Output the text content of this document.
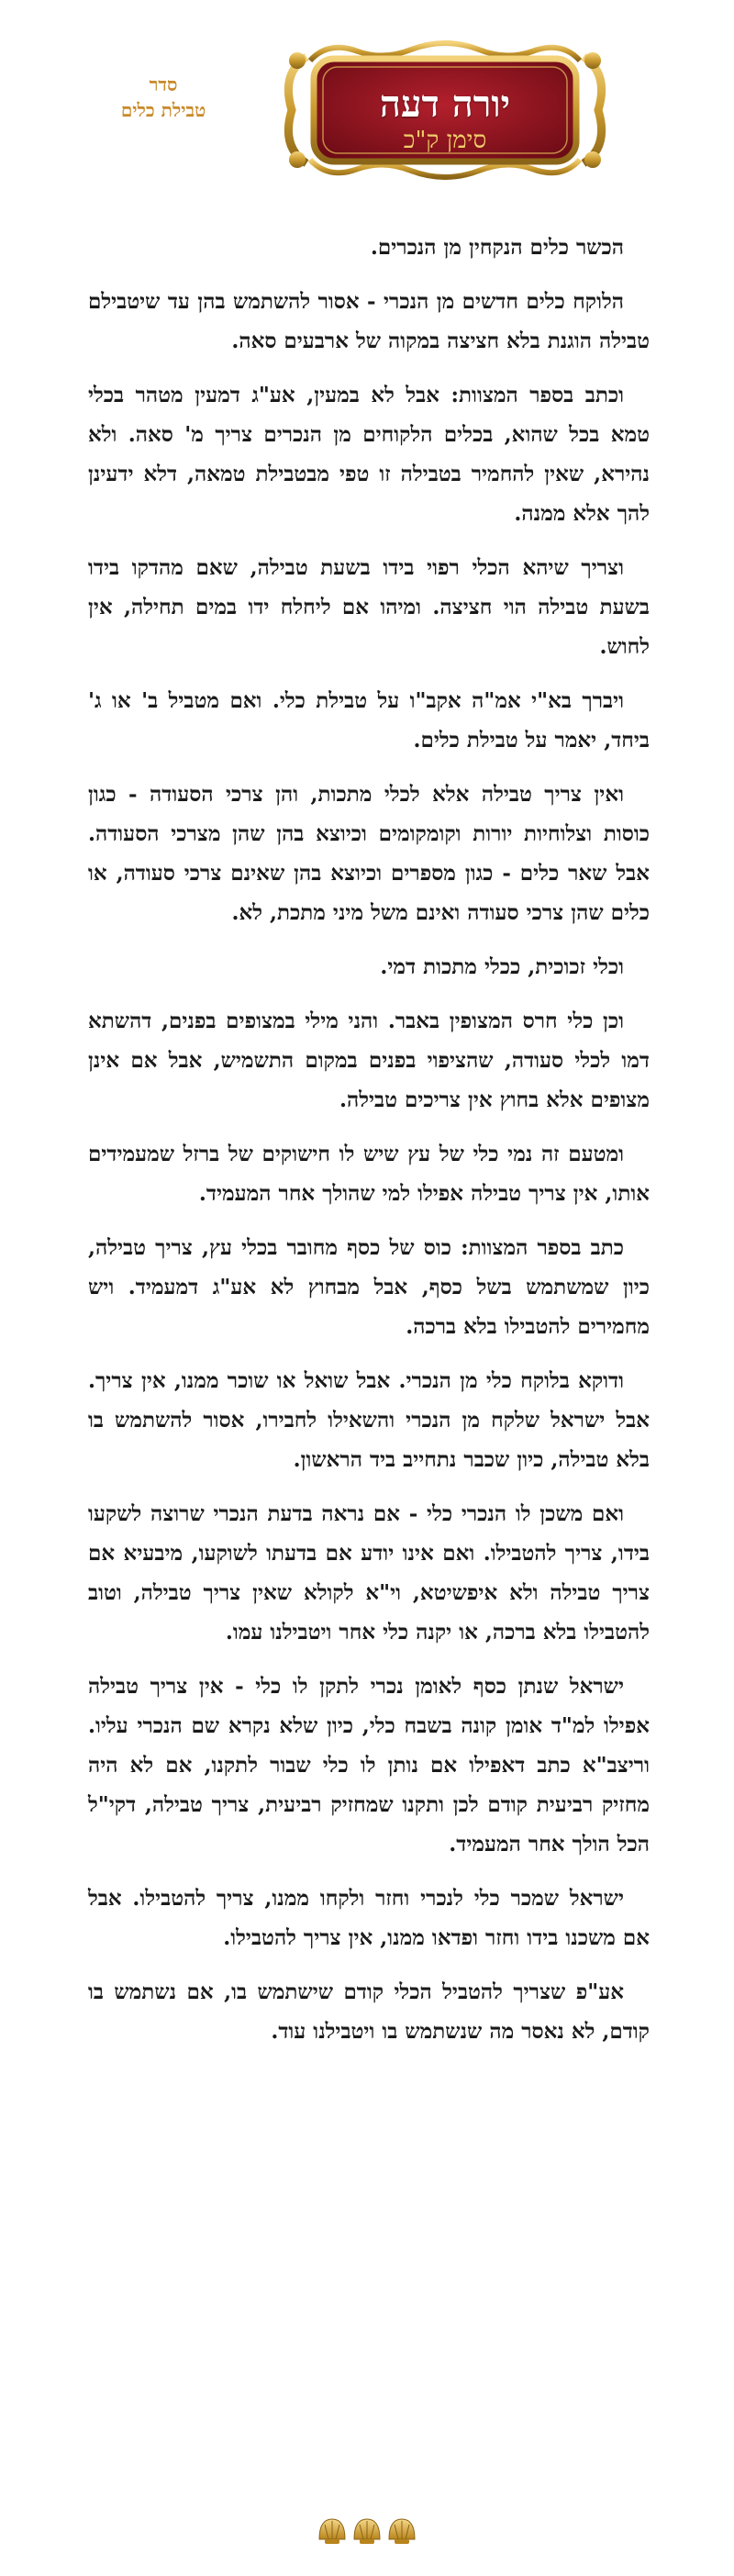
סדר
טבילת כלים	יורה דעה
סימן ק"כ

הכשר כלים הנקחין מן הנכרים.

הלוקח כלים חדשים מן הנכרי - אסור להשתמש בהן עד שיטבילם טבילה הוגנת בלא חציצה במקוה של ארבעים סאה.

וכתב בספר המצוות: אבל לא במעין, אע"ג דמעין מטהר בכלי טמא בכל שהוא, בכלים הלקוחים מן הנכרים צריך מ' סאה. ולא נהירא, שאין להחמיר בטבילה זו טפי מבטבילת טמאה, דלא ידעינן להך אלא ממנה.

וצריך שיהא הכלי רפוי בידו בשעת טבילה, שאם מהדקו בידו בשעת טבילה הוי חציצה. ומיהו אם ליחלח ידו במים תחילה, אין לחוש.

ויברך בא"י אמ"ה אקב"ו על טבילת כלי. ואם מטביל ב' או ג' ביחד, יאמר על טבילת כלים.

ואין צריך טבילה אלא לכלי מתכות, והן צרכי הסעודה - כגון כוסות וצלוחיות יורות וקומקומים וכיוצא בהן שהן מצרכי הסעודה. אבל שאר כלים - כגון מספרים וכיוצא בהן שאינם צרכי סעודה, או כלים שהן צרכי סעודה ואינם משל מיני מתכת, לא.

וכלי זכוכית, ככלי מתכות דמי.

וכן כלי חרס המצופין באבר. והני מילי במצופים בפנים, דהשתא דמו לכלי סעודה, שהציפוי בפנים במקום התשמיש, אבל אם אינן מצופים אלא בחוץ אין צריכים טבילה.

ומטעם זה נמי כלי של עץ שיש לו חישוקים של ברזל שמעמידים אותו, אין צריך טבילה אפילו למי שהולך אחר המעמיד.

כתב בספר המצוות: כוס של כסף מחובר בכלי עץ, צריך טבילה, כיון שמשתמש בשל כסף, אבל מבחוץ לא אע"ג דמעמיד. ויש מחמירים להטבילו בלא ברכה.

ודוקא בלוקח כלי מן הנכרי. אבל שואל או שוכר ממנו, אין צריך. אבל ישראל שלקח מן הנכרי והשאילו לחבירו, אסור להשתמש בו בלא טבילה, כיון שכבר נתחייב ביד הראשון.

ואם משכן לו הנכרי כלי - אם נראה בדעת הנכרי שרוצה לשקעו בידו, צריך להטבילו. ואם אינו יודע אם בדעתו לשוקעו, מיבעיא אם צריך טבילה ולא איפשיטא, וי"א לקולא שאין צריך טבילה, וטוב להטבילו בלא ברכה, או יקנה כלי אחר ויטבילנו עמו.

ישראל שנתן כסף לאומן נכרי לתקן לו כלי - אין צריך טבילה אפילו למ"ד אומן קונה בשבח כלי, כיון שלא נקרא שם הנכרי עליו. וריצב"א כתב דאפילו אם נותן לו כלי שבור לתקנו, אם לא היה מחזיק רביעית קודם לכן ותקנו שמחזיק רביעית, צריך טבילה, דקי"ל הכל הולך אחר המעמיד.

ישראל שמכר כלי לנכרי וחזר ולקחו ממנו, צריך להטבילו. אבל אם משכנו בידו וחזר ופדאו ממנו, אין צריך להטבילו.

אע"פ שצריך להטביל הכלי קודם שישתמש בו, אם נשתמש בו קודם, לא נאסר מה שנשתמש בו ויטבילנו עוד.
